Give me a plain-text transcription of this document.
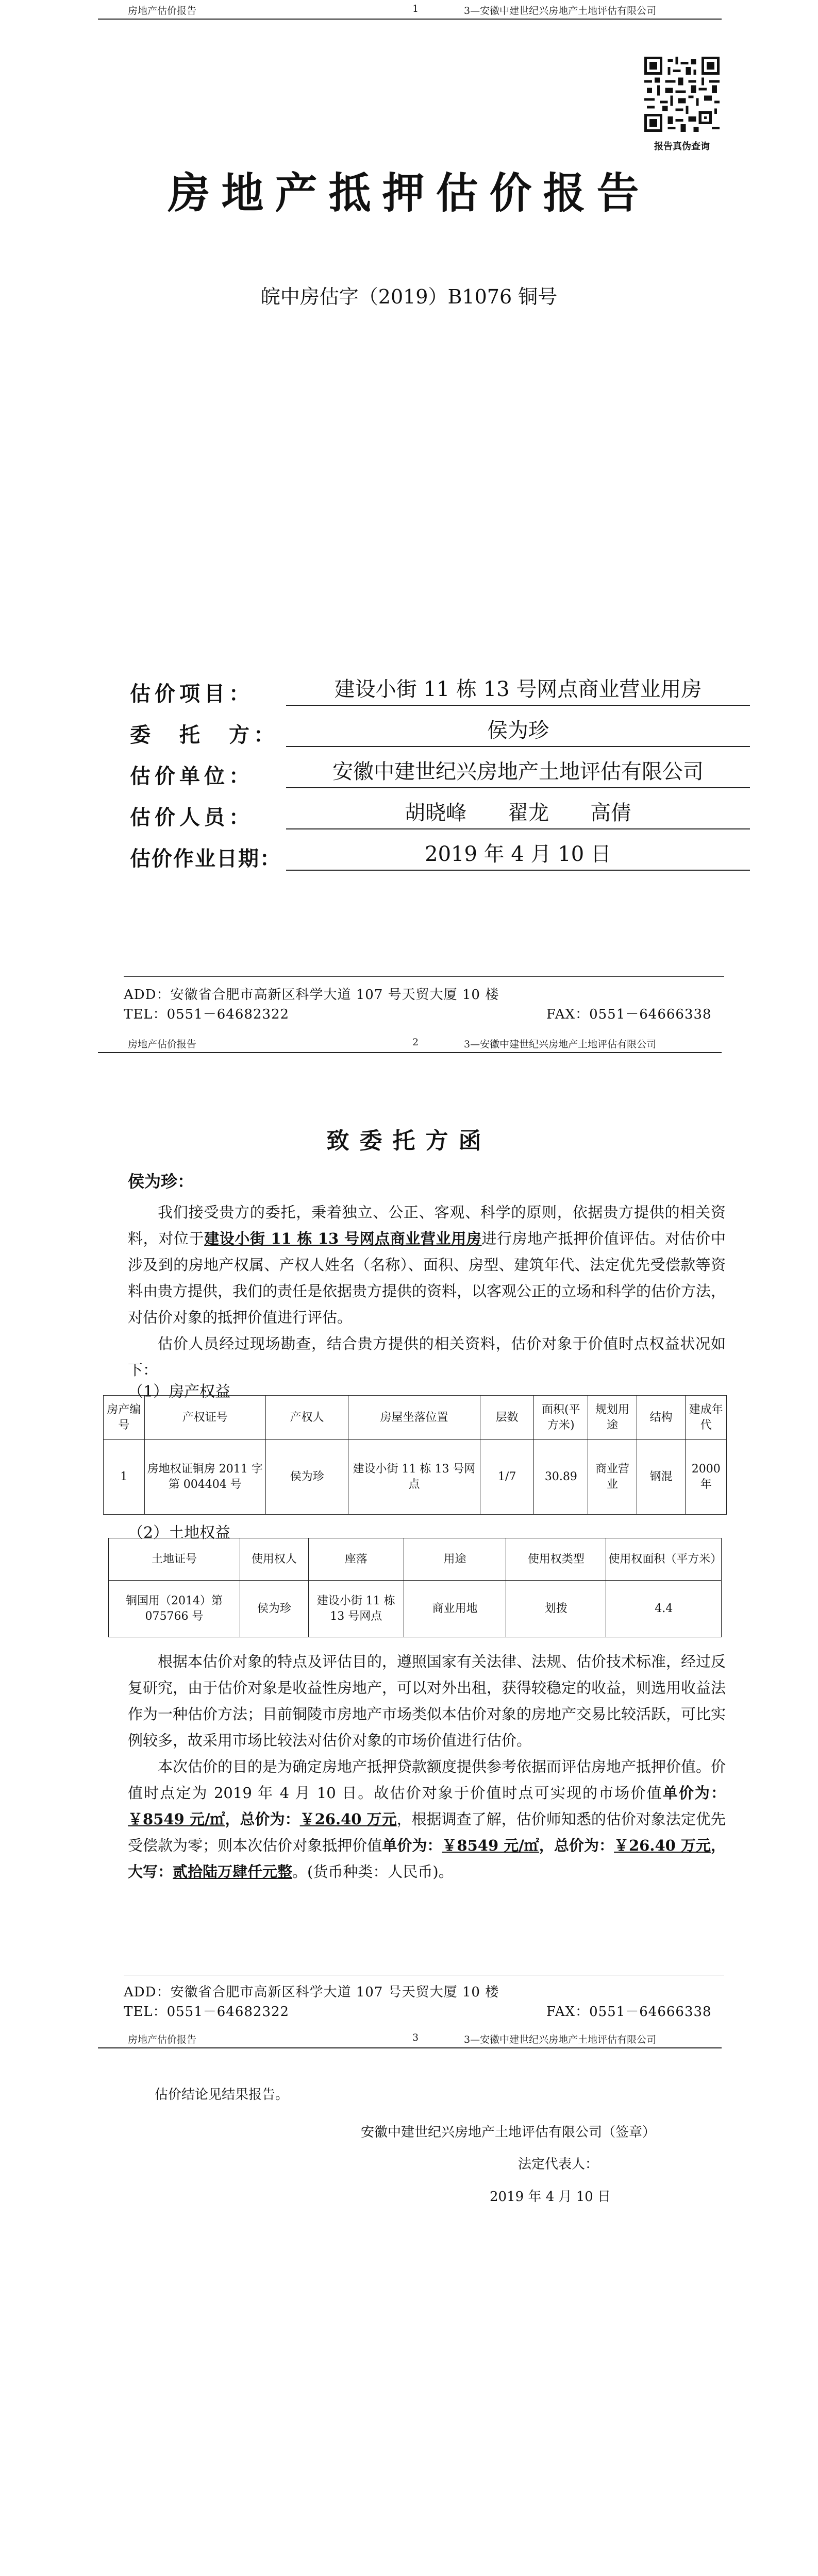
房地产估价报告	1	3—安徽中建世纪兴房地产土地评估有限公司
报告真伪查询
房地产抵押估价报告
皖中房估字（2019）B1076 铜号
估价项目：	建设小街 11 栋 13 号网点商业营业用房
委　托　方：	侯为珍
估价单位：	安徽中建世纪兴房地产土地评估有限公司
估价人员：	胡晓峰　　翟龙　　高倩
估价作业日期：	2019 年 4 月 10 日
ADD：安徽省合肥市高新区科学大道 107 号天贸大厦 10 楼
TEL：0551－64682322	FAX：0551－64666338
房地产估价报告	2	3—安徽中建世纪兴房地产土地评估有限公司
致委托方函
侯为珍：

我们接受贵方的委托，秉着独立、公正、客观、科学的原则，依据贵方提供的相关资料，对位于建设小街 11 栋 13 号网点商业营业用房进行房地产抵押价值评估。对估价中涉及到的房地产权属、产权人姓名（名称）、面积、房型、建筑年代、法定优先受偿款等资料由贵方提供，我们的责任是依据贵方提供的资料，以客观公正的立场和科学的估价方法，对估价对象的抵押价值进行评估。

估价人员经过现场勘查，结合贵方提供的相关资料，估价对象于价值时点权益状况如下：

（1）房产权益
房产编号	产权证号	产权人	房屋坐落位置	层数	面积(平方米)	规划用途	结构	建成年代
1	房地权证铜房 2011 字第 004404 号	侯为珍	建设小街 11 栋 13 号网点	1/7	30.89	商业营业	钢混	2000 年
（2）土地权益
土地证号	使用权人	座落	用途	使用权类型	使用权面积（平方米）
铜国用（2014）第 075766 号	侯为珍	建设小街 11 栋 13 号网点	商业用地	划拨	4.4

根据本估价对象的特点及评估目的，遵照国家有关法律、法规、估价技术标准，经过反复研究，由于估价对象是收益性房地产，可以对外出租，获得较稳定的收益，则选用收益法作为一种估价方法；目前铜陵市房地产市场类似本估价对象的房地产交易比较活跃，可比实例较多，故采用市场比较法对估价对象的市场价值进行估价。

本次估价的目的是为确定房地产抵押贷款额度提供参考依据而评估房地产抵押价值。价值时点定为 2019 年 4 月 10 日。故估价对象于价值时点可实现的市场价值单价为：￥8549 元/㎡，总价为：￥26.40 万元，根据调查了解，估价师知悉的估价对象法定优先受偿款为零；则本次估价对象抵押价值单价为：￥8549 元/㎡，总价为：￥26.40 万元，大写：贰拾陆万肆仟元整。(货币种类：人民币)。

ADD：安徽省合肥市高新区科学大道 107 号天贸大厦 10 楼
TEL：0551－64682322	FAX：0551－64666338
房地产估价报告	3	3—安徽中建世纪兴房地产土地评估有限公司
估价结论见结果报告。
安徽中建世纪兴房地产土地评估有限公司（签章）
法定代表人：
2019 年 4 月 10 日
